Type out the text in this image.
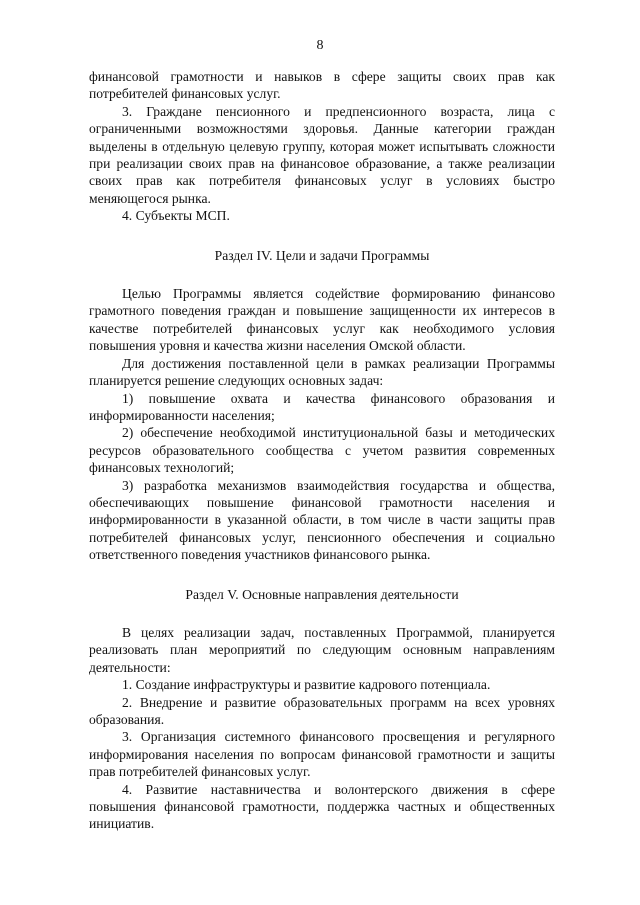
8

финансовой грамотности и навыков в сфере защиты своих прав как потребителей финансовых услуг.

3. Граждане пенсионного и предпенсионного возраста, лица с ограниченными возможностями здоровья. Данные категории граждан выделены в отдельную целевую группу, которая может испытывать сложности при реализации своих прав на финансовое образование, а также реализации своих прав как потребителя финансовых услуг в условиях быстро меняющегося рынка.

4. Субъекты МСП.

Раздел IV. Цели и задачи Программы

Целью Программы является содействие формированию финансово грамотного поведения граждан и повышение защищенности их интересов в качестве потребителей финансовых услуг как необходимого условия повышения уровня и качества жизни населения Омской области.

Для достижения поставленной цели в рамках реализации Программы планируется решение следующих основных задач:

1) повышение охвата и качества финансового образования и информированности населения;

2) обеспечение необходимой институциональной базы и методических ресурсов образовательного сообщества с учетом развития современных финансовых технологий;

3) разработка механизмов взаимодействия государства и общества, обеспечивающих повышение финансовой грамотности населения и информированности в указанной области, в том числе в части защиты прав потребителей финансовых услуг, пенсионного обеспечения и социально ответственного поведения участников финансового рынка.

Раздел V. Основные направления деятельности

В целях реализации задач, поставленных Программой, планируется реализовать план мероприятий по следующим основным направлениям деятельности:

1. Создание инфраструктуры и развитие кадрового потенциала.

2. Внедрение и развитие образовательных программ на всех уровнях образования.

3. Организация системного финансового просвещения и регулярного информирования населения по вопросам финансовой грамотности и защиты прав потребителей финансовых услуг.

4. Развитие наставничества и волонтерского движения в сфере повышения финансовой грамотности, поддержка частных и общественных инициатив.
